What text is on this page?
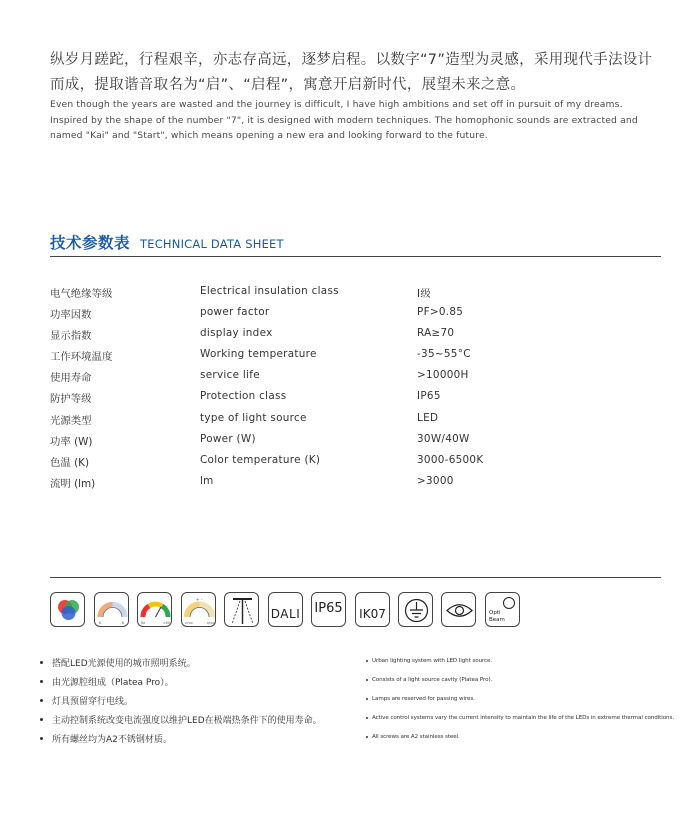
纵岁月蹉跎，行程艰辛，亦志存高远，逐梦启程。以数字“7”造型为灵感，采用现代手法设计而成，提取谐音取名为“启”、“启程”，寓意开启新时代，展望未来之意。
Even though the years are wasted and the journey is difficult, I have high ambitions and set off in pursuit of my dreams. Inspired by the shape of the number "7", it is designed with modern techniques. The homophonic sounds are extracted and named "Kai" and "Start", which means opening a new era and looking forward to the future.
技术参数表 TECHNICAL DATA SHEET
电气绝缘等级	Electrical insulation class	I级
功率因数	power factor	PF>0.85
显示指数	display index	RA≥70
工作环境温度	Working temperature	-35~55°C
使用寿命	service life	>10000H
防护等级	Protection class	IP65
光源类型	type of light source	LED
功率 (W)	Power (W)	30W/40W
色温 (K)	Color temperature (K)	3000-6500K
流明 (lm)	lm	>3000
K	K	Ra	>80	2700	6500
+ -
DALI IP65 IK07	Opti
Beam
搭配LED光源使用的城市照明系统。
由光源腔组成（Platea Pro）。
灯具预留穿行电线。
主动控制系统改变电流强度以维护LED在极端热条件下的使用寿命。
所有螺丝均为A2不锈钢材质。
Urban lighting system with LED light source.
Consists of a light source cavity (Platea Pro).
Lamps are reserved for passing wires.
Active control systems vary the current intensity to maintain the life of the LEDs in extreme thermal conditions.
All screws are A2 stainless steel.
